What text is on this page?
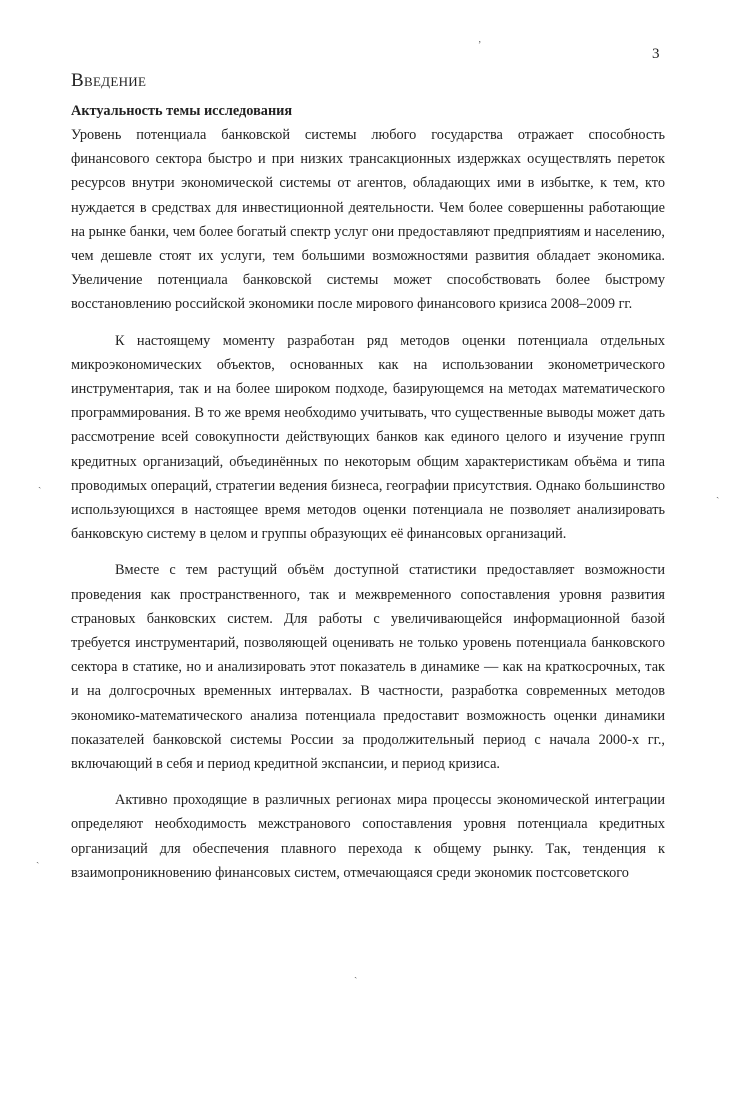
3
Введение
Актуальность темы исследования

Уровень потенциала банковской системы любого государства отражает способность финансового сектора быстро и при низких трансакционных издержках осуществлять переток ресурсов внутри экономической системы от агентов, обладающих ими в избытке, к тем, кто нуждается в средствах для инвестиционной деятельности. Чем более совершенны работающие на рынке банки, чем более богатый спектр услуг они предоставляют предприятиям и населению, чем дешевле стоят их услуги, тем большими возможностями развития обладает экономика. Увеличение потенциала банковской системы может способствовать более быстрому восстановлению российской экономики после мирового финансового кризиса 2008–2009 гг.

К настоящему моменту разработан ряд методов оценки потенциала отдельных микроэкономических объектов, основанных как на использовании эконометрического инструментария, так и на более широком подходе, базирующемся на методах математического программирования. В то же время необходимо учитывать, что существенные выводы может дать рассмотрение всей совокупности действующих банков как единого целого и изучение групп кредитных организаций, объединённых по некоторым общим характеристикам объёма и типа проводимых операций, стратегии ведения бизнеса, географии присутствия. Однако большинство использующихся в настоящее время методов оценки потенциала не позволяет анализировать банковскую систему в целом и группы образующих её финансовых организаций.

Вместе с тем растущий объём доступной статистики предоставляет возможности проведения как пространственного, так и межвременного сопоставления уровня развития страновых банковских систем. Для работы с увеличивающейся информационной базой требуется инструментарий, позволяющей оценивать не только уровень потенциала банковского сектора в статике, но и анализировать этот показатель в динамике — как на краткосрочных, так и на долгосрочных временных интервалах. В частности, разработка современных методов экономико-математического анализа потенциала предоставит возможность оценки динамики показателей банковской системы России за продолжительный период с начала 2000-х гг., включающий в себя и период кредитной экспансии, и период кризиса.

Активно проходящие в различных регионах мира процессы экономической интеграции определяют необходимость межстранового сопоставления уровня потенциала кредитных организаций для обеспечения плавного перехода к общему рынку. Так, тенденция к взаимопроникновению финансовых систем, отмечающаяся среди экономик постсоветского

ʼ
ˎ
ˏ
ˏ
ˏ
